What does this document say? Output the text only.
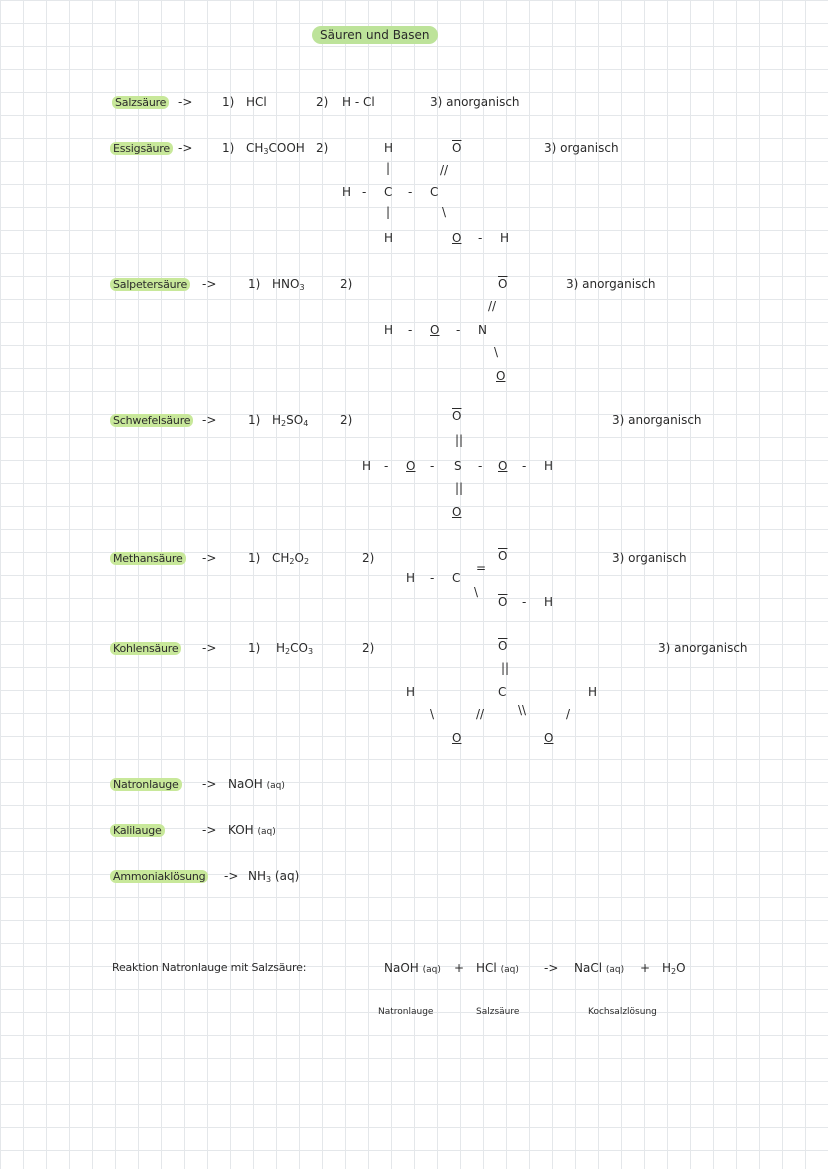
Säuren und Basen
Salzsäure -> 1) HCl	2) H - Cl	3) anorganisch
Essigsäure -> 1) $CH_3COOH$ 2)	3) organisch
H
|
H - C - C
|
H
$\overline{O}$
//
\
O - H
Salpetersäure ->	1) $HNO_3$	2)	3) anorganisch
$\overline{O}$
//
H - O - N
\
O
Schwefelsäure ->	1) $H_2SO_4$	2)	3) anorganisch
$\overline{O}$
||
H - O - S - O - H
||
O
Methansäure ->	1) $CH_2O_2$	2)	3) organisch
$\overline{O}$
=
H - C
\
$\overline{O}$ - H
Kohlensäure ->	1) $H_2CO_3$	2)	3) anorganisch
$\overline{O}$
||
H	C	H
\	//	\\	/
O	O
Natronlauge -> NaOH (aq)
Kalilauge	-> KOH (aq)
Ammoniaklösung -> $NH_3$ (aq)
Reaktion Natronlauge mit Salzsäure:	NaOH (aq) + HCl (aq) -> NaCl $(aq) + H_2O$
Natronlauge	Salzsäure	Kochsalzlösung
